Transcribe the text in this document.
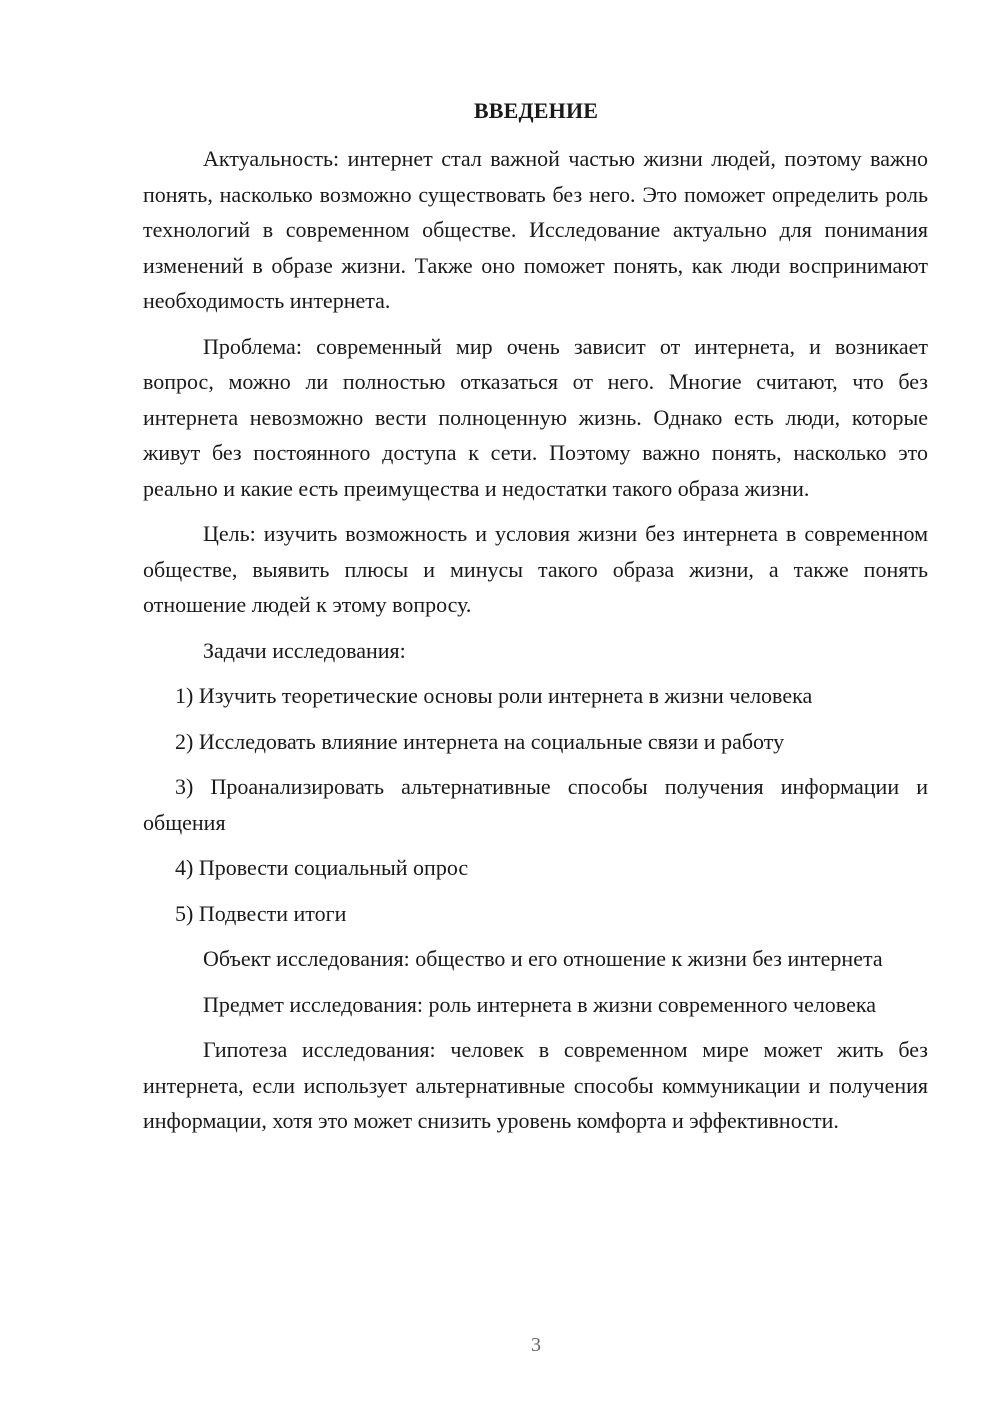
ВВЕДЕНИЕ

Актуальность: интернет стал важной частью жизни людей, поэтому важно понять, насколько возможно существовать без него. Это поможет определить роль технологий в современном обществе. Исследование актуально для понимания изменений в образе жизни. Также оно поможет понять, как люди воспринимают необходимость интернета.

Проблема: современный мир очень зависит от интернета, и возникает вопрос, можно ли полностью отказаться от него. Многие считают, что без интернета невозможно вести полноценную жизнь. Однако есть люди, которые живут без постоянного доступа к сети. Поэтому важно понять, насколько это реально и какие есть преимущества и недостатки такого образа жизни.

Цель: изучить возможность и условия жизни без интернета в современном обществе, выявить плюсы и минусы такого образа жизни, а также понять отношение людей к этому вопросу.

Задачи исследования:

1) Изучить теоретические основы роли интернета в жизни человека

2) Исследовать влияние интернета на социальные связи и работу

3) Проанализировать альтернативные способы получения информации и общения

4) Провести социальный опрос

5) Подвести итоги

Объект исследования: общество и его отношение к жизни без интернета

Предмет исследования: роль интернета в жизни современного человека

Гипотеза исследования: человек в современном мире может жить без интернета, если использует альтернативные способы коммуникации и получения информации, хотя это может снизить уровень комфорта и эффективности.

3
